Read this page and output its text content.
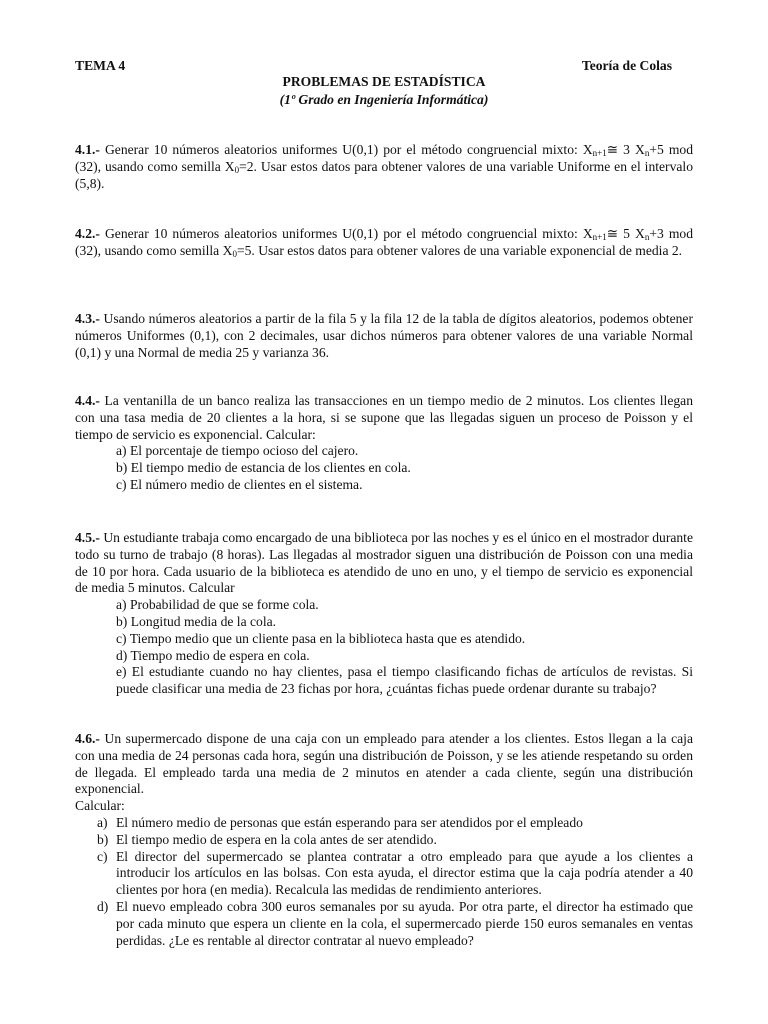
TEMA 4	Teoría de Colas
PROBLEMAS DE ESTADÍSTICA
(1º Grado en Ingeniería Informática)
4.1.- Generar 10 números aleatorios uniformes U(0,1) por el método congruencial mixto: $X_{n+1}≅$ 3 $X_n+5$ mod (32), usando como semilla $X_0=2$. Usar estos datos para obtener valores de una variable Uniforme en el intervalo (5,8).
4.2.- Generar 10 números aleatorios uniformes U(0,1) por el método congruencial mixto: $X_{n+1}≅$ 5 $X_n+3$ mod (32), usando como semilla $X_0=5$. Usar estos datos para obtener valores de una variable exponencial de media 2.
4.3.- Usando números aleatorios a partir de la fila 5 y la fila 12 de la tabla de dígitos aleatorios, podemos obtener números Uniformes (0,1), con 2 decimales, usar dichos números para obtener valores de una variable Normal (0,1) y una Normal de media 25 y varianza 36.
4.4.- La ventanilla de un banco realiza las transacciones en un tiempo medio de 2 minutos. Los clientes llegan con una tasa media de 20 clientes a la hora, si se supone que las llegadas siguen un proceso de Poisson y el tiempo de servicio es exponencial. Calcular:
a) El porcentaje de tiempo ocioso del cajero.
b) El tiempo medio de estancia de los clientes en cola.
c) El número medio de clientes en el sistema.
4.5.- Un estudiante trabaja como encargado de una biblioteca por las noches y es el único en el mostrador durante todo su turno de trabajo (8 horas). Las llegadas al mostrador siguen una distribución de Poisson con una media de 10 por hora. Cada usuario de la biblioteca es atendido de uno en uno, y el tiempo de servicio es exponencial de media 5 minutos. Calcular
a) Probabilidad de que se forme cola.
b) Longitud media de la cola.
c) Tiempo medio que un cliente pasa en la biblioteca hasta que es atendido.
d) Tiempo medio de espera en cola.
e) El estudiante cuando no hay clientes, pasa el tiempo clasificando fichas de artículos de revistas. Si puede clasificar una media de 23 fichas por hora, ¿cuántas fichas puede ordenar durante su trabajo?
4.6.- Un supermercado dispone de una caja con un empleado para atender a los clientes. Estos llegan a la caja con una media de 24 personas cada hora, según una distribución de Poisson, y se les atiende respetando su orden de llegada. El empleado tarda una media de 2 minutos en atender a cada cliente, según una distribución exponencial.
Calcular:
a) El número medio de personas que están esperando para ser atendidos por el empleado
b) El tiempo medio de espera en la cola antes de ser atendido.
c) El director del supermercado se plantea contratar a otro empleado para que ayude a los clientes a introducir los artículos en las bolsas. Con esta ayuda, el director estima que la caja podría atender a 40 clientes por hora (en media). Recalcula las medidas de rendimiento anteriores.
d) El nuevo empleado cobra 300 euros semanales por su ayuda. Por otra parte, el director ha estimado que por cada minuto que espera un cliente en la cola, el supermercado pierde 150 euros semanales en ventas perdidas. ¿Le es rentable al director contratar al nuevo empleado?
